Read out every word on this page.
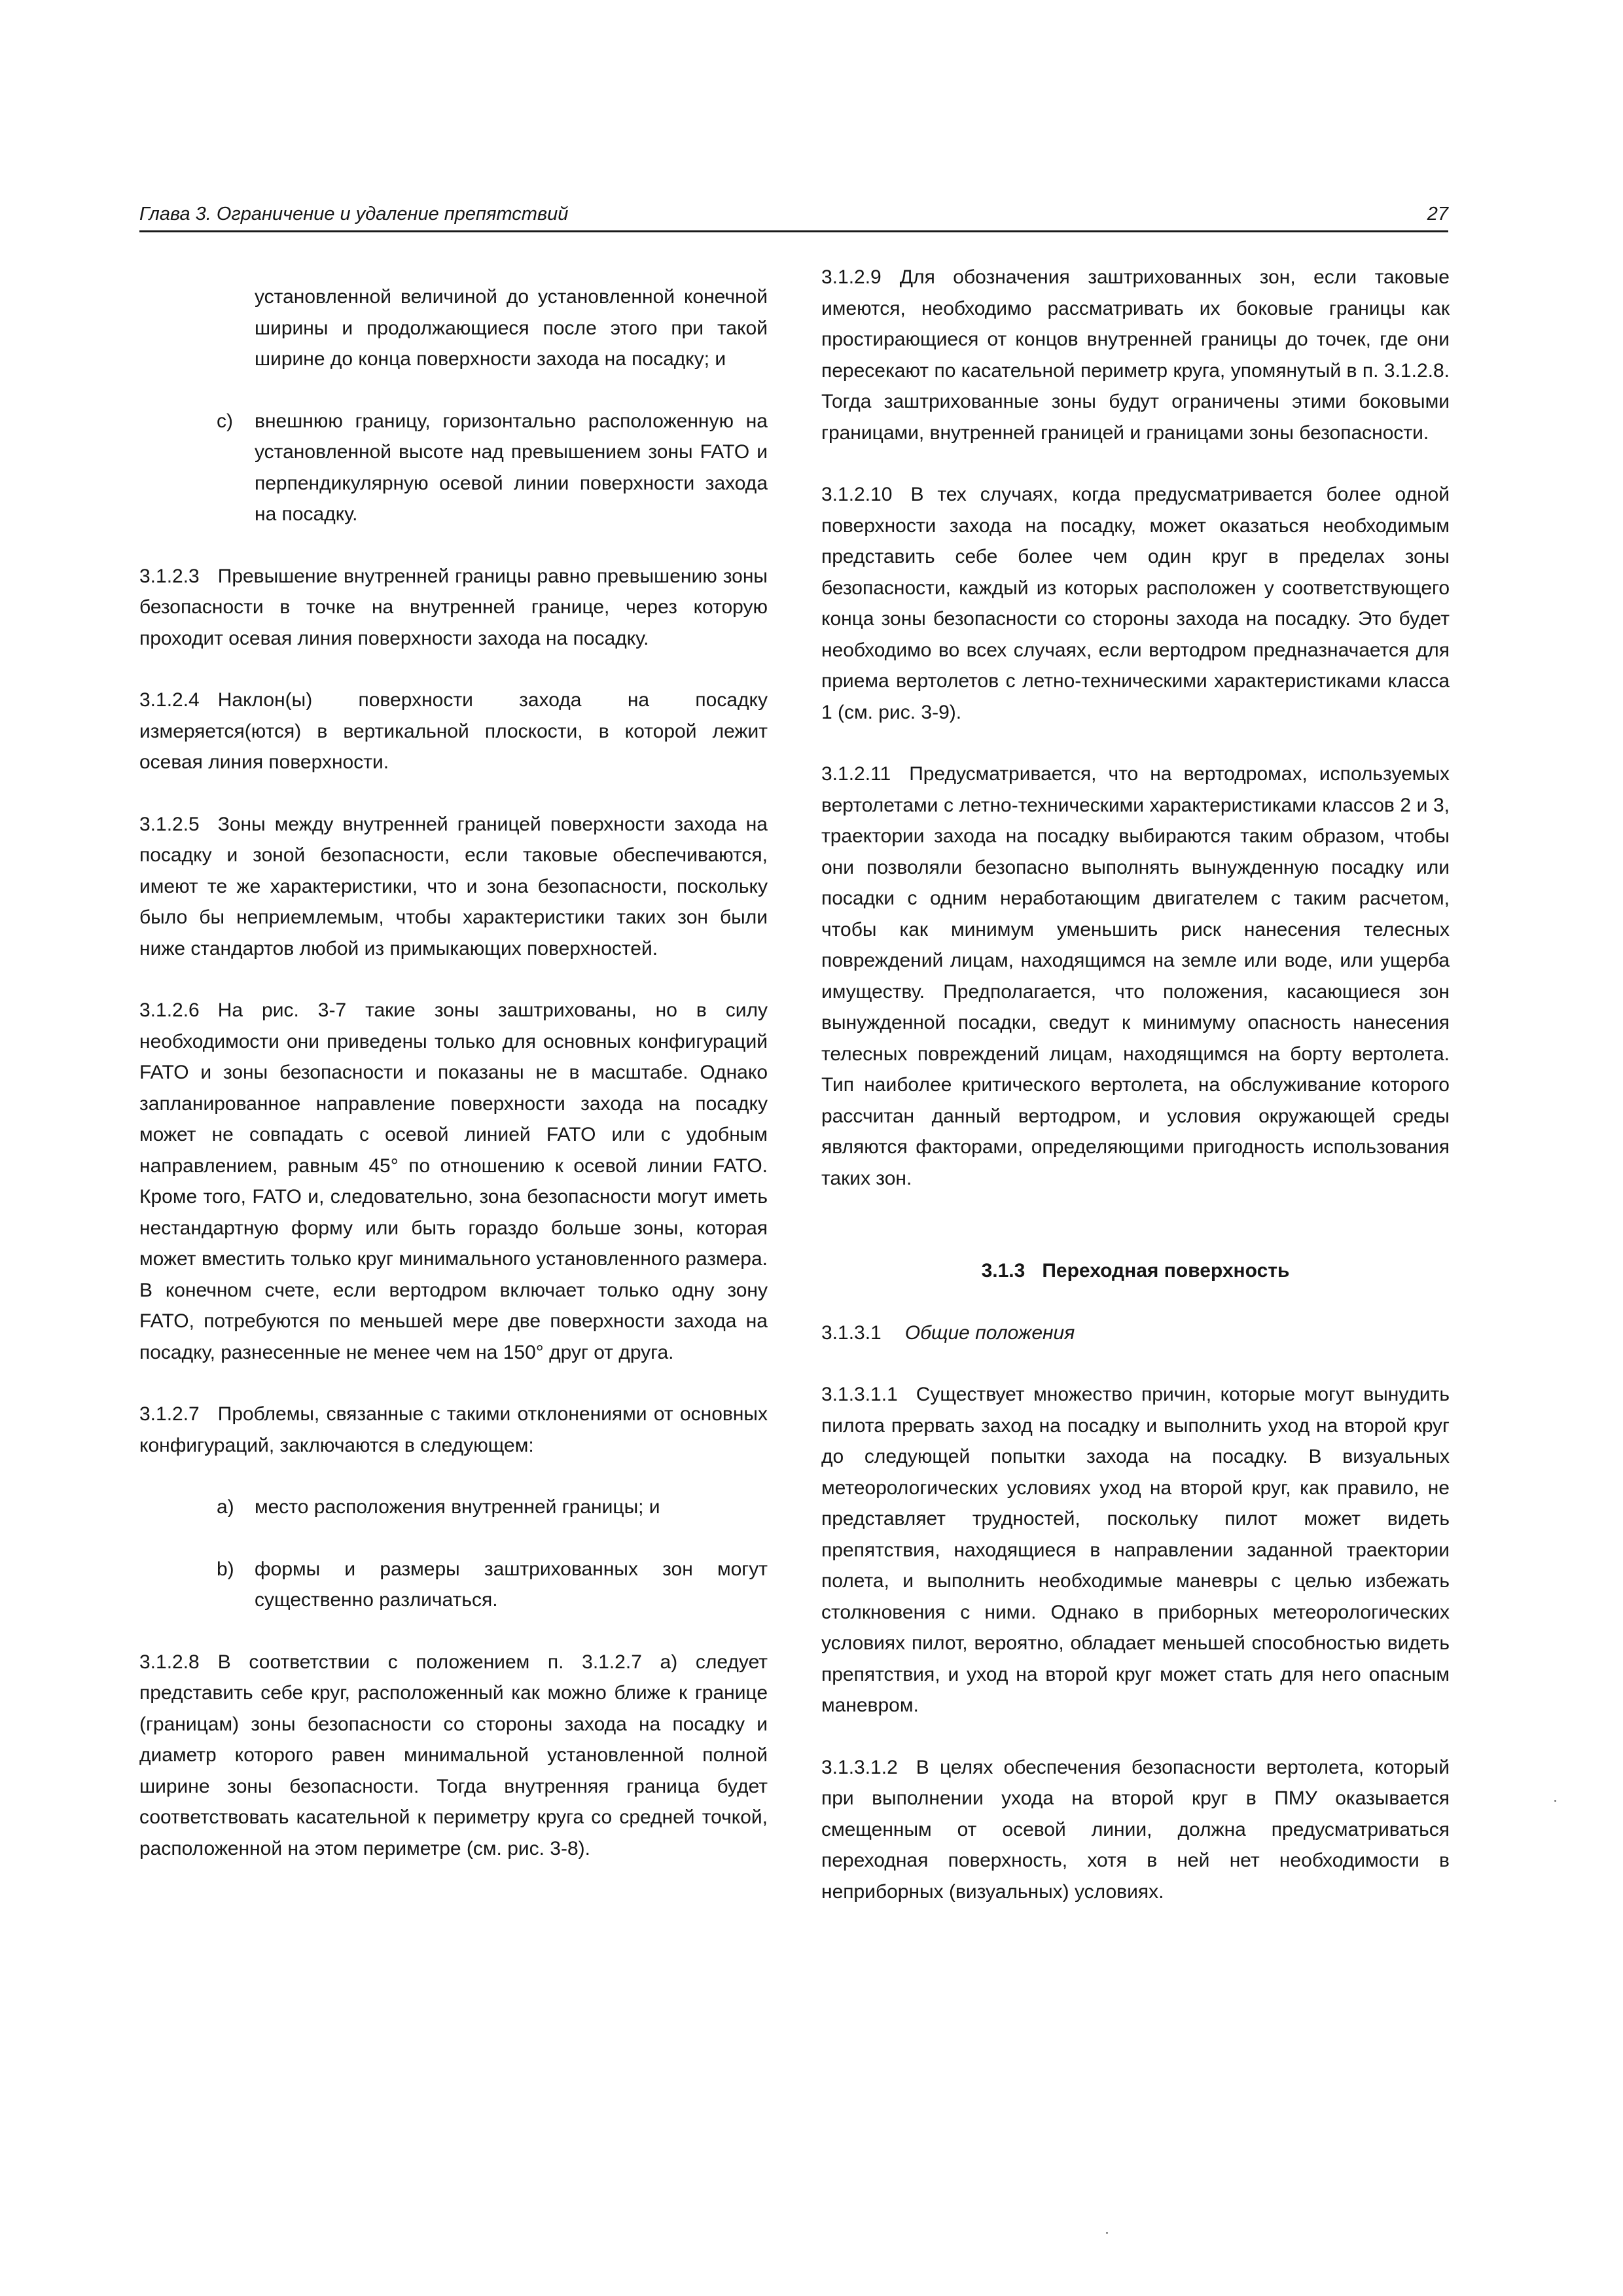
Глава 3. Ограничение и удаление препятствий	27

установленной величиной до установленной конечной ширины и продолжающиеся после этого при такой ширине до конца поверхности захода на посадку; и

c) внешнюю границу, горизонтально расположенную на установленной высоте над превышением зоны FATO и перпендикулярную осевой линии поверхности захода на посадку.

3.1.2.3 Превышение внутренней границы равно превышению зоны безопасности в точке на внутренней границе, через которую проходит осевая линия поверхности захода на посадку.

3.1.2.4 Наклон(ы) поверхности захода на посадку измеряется(ются) в вертикальной плоскости, в которой лежит осевая линия поверхности.

3.1.2.5 Зоны между внутренней границей поверхности захода на посадку и зоной безопасности, если таковые обеспечиваются, имеют те же характеристики, что и зона безопасности, поскольку было бы неприемлемым, чтобы характеристики таких зон были ниже стандартов любой из примыкающих поверхностей.

3.1.2.6 На рис. 3-7 такие зоны заштрихованы, но в силу необходимости они приведены только для основных конфигураций FATO и зоны безопасности и показаны не в масштабе. Однако запланированное направление поверхности захода на посадку может не совпадать с осевой линией FATO или с удобным направлением, равным 45° по отношению к осевой линии FATO. Кроме того, FATO и, следовательно, зона безопасности могут иметь нестандартную форму или быть гораздо больше зоны, которая может вместить только круг минимального установленного размера. В конечном счете, если вертодром включает только одну зону FATO, потребуются по меньшей мере две поверхности захода на посадку, разнесенные не менее чем на 150° друг от друга.

3.1.2.7 Проблемы, связанные с такими отклонениями от основных конфигураций, заключаются в следующем:

a) место расположения внутренней границы; и
b) формы и размеры заштрихованных зон могут существенно различаться.

3.1.2.8 В соответствии с положением п. 3.1.2.7 а) следует представить себе круг, расположенный как можно ближе к границе (границам) зоны безопасности со стороны захода на посадку и диаметр которого равен минимальной установленной полной ширине зоны безопасности. Тогда внутренняя граница будет соответствовать касательной к периметру круга со средней точкой, расположенной на этом периметре (см. рис. 3-8).

3.1.2.9 Для обозначения заштрихованных зон, если таковые имеются, необходимо рассматривать их боковые границы как простирающиеся от концов внутренней границы до точек, где они пересекают по касательной периметр круга, упомянутый в п. 3.1.2.8. Тогда заштрихованные зоны будут ограничены этими боковыми границами, внутренней границей и границами зоны безопасности.

3.1.2.10 В тех случаях, когда предусматривается более одной поверхности захода на посадку, может оказаться необходимым представить себе более чем один круг в пределах зоны безопасности, каждый из которых расположен у соответствующего конца зоны безопасности со стороны захода на посадку. Это будет необходимо во всех случаях, если вертодром предназначается для приема вертолетов с летно-техническими характеристиками класса 1 (см. рис. 3-9).

3.1.2.11 Предусматривается, что на вертодромах, используемых вертолетами с летно-техническими характеристиками классов 2 и 3, траектории захода на посадку выбираются таким образом, чтобы они позволяли безопасно выполнять вынужденную посадку или посадки с одним неработающим двигателем с таким расчетом, чтобы как минимум уменьшить риск нанесения телесных повреждений лицам, находящимся на земле или воде, или ущерба имуществу. Предполагается, что положения, касающиеся зон вынужденной посадки, сведут к минимуму опасность нанесения телесных повреждений лицам, находящимся на борту вертолета. Тип наиболее критического вертолета, на обслуживание которого рассчитан данный вертодром, и условия окружающей среды являются факторами, определяющими пригодность использования таких зон.

3.1.3 Переходная поверхность
3.1.3.1 Общие положения

3.1.3.1.1 Существует множество причин, которые могут вынудить пилота прервать заход на посадку и выполнить уход на второй круг до следующей попытки захода на посадку. В визуальных метеорологических условиях уход на второй круг, как правило, не представляет трудностей, поскольку пилот может видеть препятствия, находящиеся в направлении заданной траектории полета, и выполнить необходимые маневры с целью избежать столкновения с ними. Однако в приборных метеорологических условиях пилот, вероятно, обладает меньшей способностью видеть препятствия, и уход на второй круг может стать для него опасным маневром.

3.1.3.1.2 В целях обеспечения безопасности вертолета, который при выполнении ухода на второй круг в ПМУ оказывается смещенным от осевой линии, должна предусматриваться переходная поверхность, хотя в ней нет необходимости в неприборных (визуальных) условиях.
